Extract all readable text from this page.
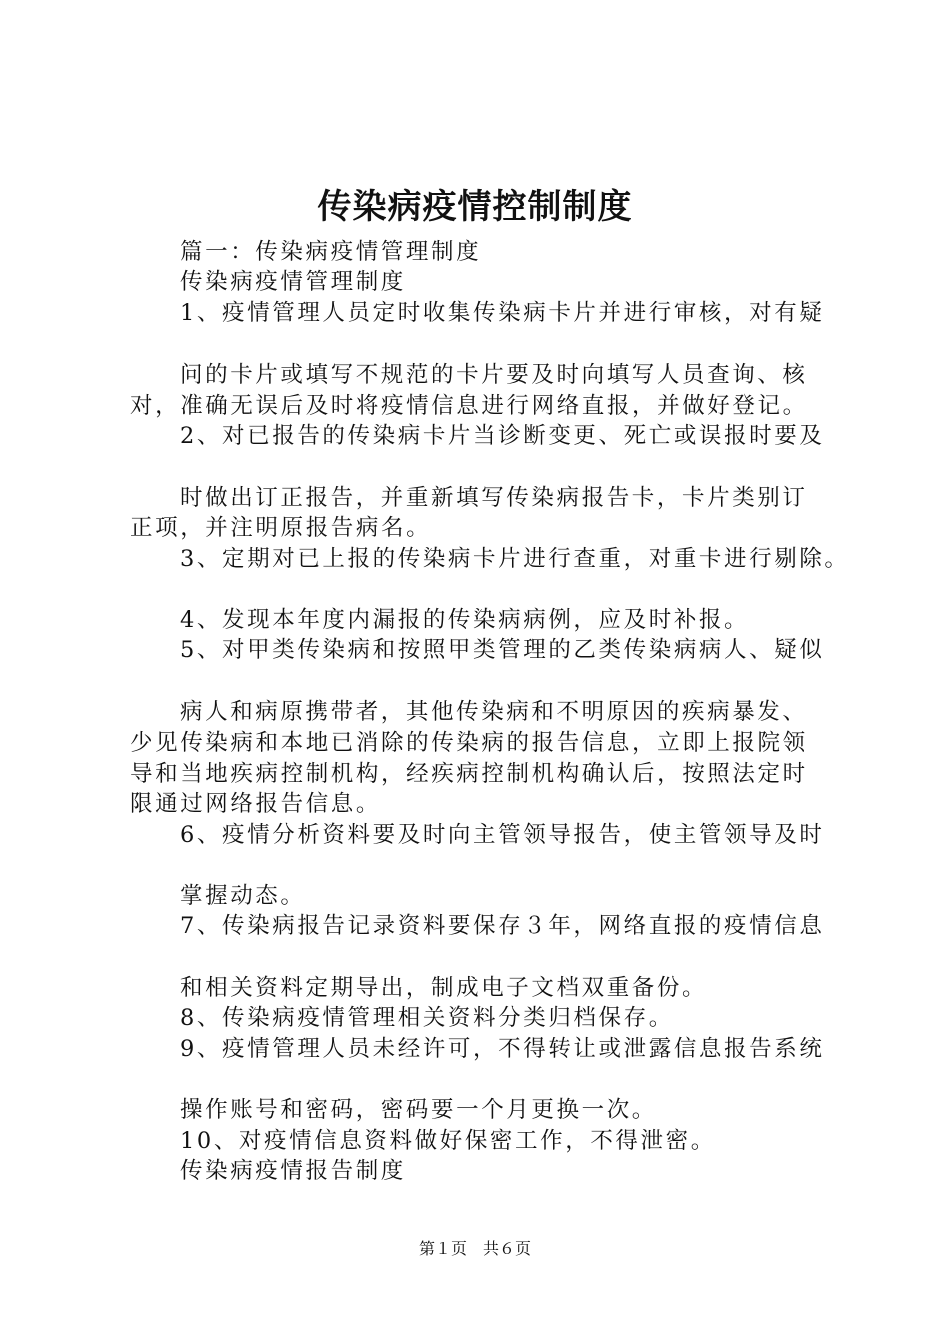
传染病疫情控制制度
篇一：传染病疫情管理制度
传染病疫情管理制度
1、疫情管理人员定时收集传染病卡片并进行审核，对有疑
问的卡片或填写不规范的卡片要及时向填写人员查询、核
对，准确无误后及时将疫情信息进行网络直报，并做好登记。
2、对已报告的传染病卡片当诊断变更、死亡或误报时要及
时做出订正报告，并重新填写传染病报告卡，卡片类别订
正项，并注明原报告病名。
3、定期对已上报的传染病卡片进行查重，对重卡进行剔除。
4、发现本年度内漏报的传染病病例，应及时补报。
5、对甲类传染病和按照甲类管理的乙类传染病病人、疑似
病人和病原携带者，其他传染病和不明原因的疾病暴发、
少见传染病和本地已消除的传染病的报告信息，立即上报院领
导和当地疾病控制机构，经疾病控制机构确认后，按照法定时
限通过网络报告信息。
6、疫情分析资料要及时向主管领导报告，使主管领导及时
掌握动态。
7、传染病报告记录资料要保存３年，网络直报的疫情信息
和相关资料定期导出，制成电子文档双重备份。
8、传染病疫情管理相关资料分类归档保存。
9、疫情管理人员未经许可，不得转让或泄露信息报告系统
操作账号和密码，密码要一个月更换一次。
10、对疫情信息资料做好保密工作，不得泄密。
传染病疫情报告制度
第１页　共６页
